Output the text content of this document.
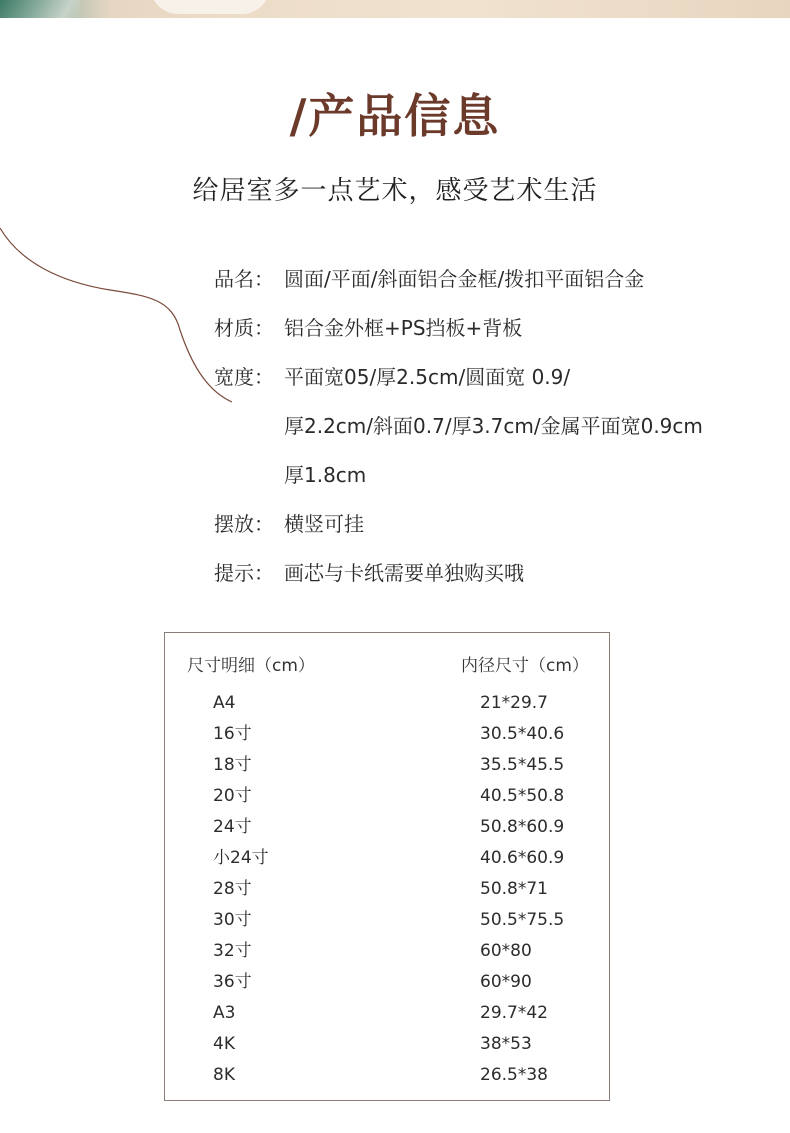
/产品信息
给居室多一点艺术，感受艺术生活
品名： 圆面/平面/斜面铝合金框/拨扣平面铝合金
材质： 铝合金外框+PS挡板+背板
宽度： 平面宽05/厚2.5cm/圆面宽 0.9/
厚2.2cm/斜面0.7/厚3.7cm/金属平面宽0.9cm
厚1.8cm
摆放： 横竖可挂
提示： 画芯与卡纸需要单独购买哦
尺寸明细（cm）	内径尺寸（cm）
A4	21*29.7
16寸	30.5*40.6
18寸	35.5*45.5
20寸	40.5*50.8
24寸	50.8*60.9
小24寸	40.6*60.9
28寸	50.8*71
30寸	50.5*75.5
32寸	60*80
36寸	60*90
A3	29.7*42
4K	38*53
8K	26.5*38
